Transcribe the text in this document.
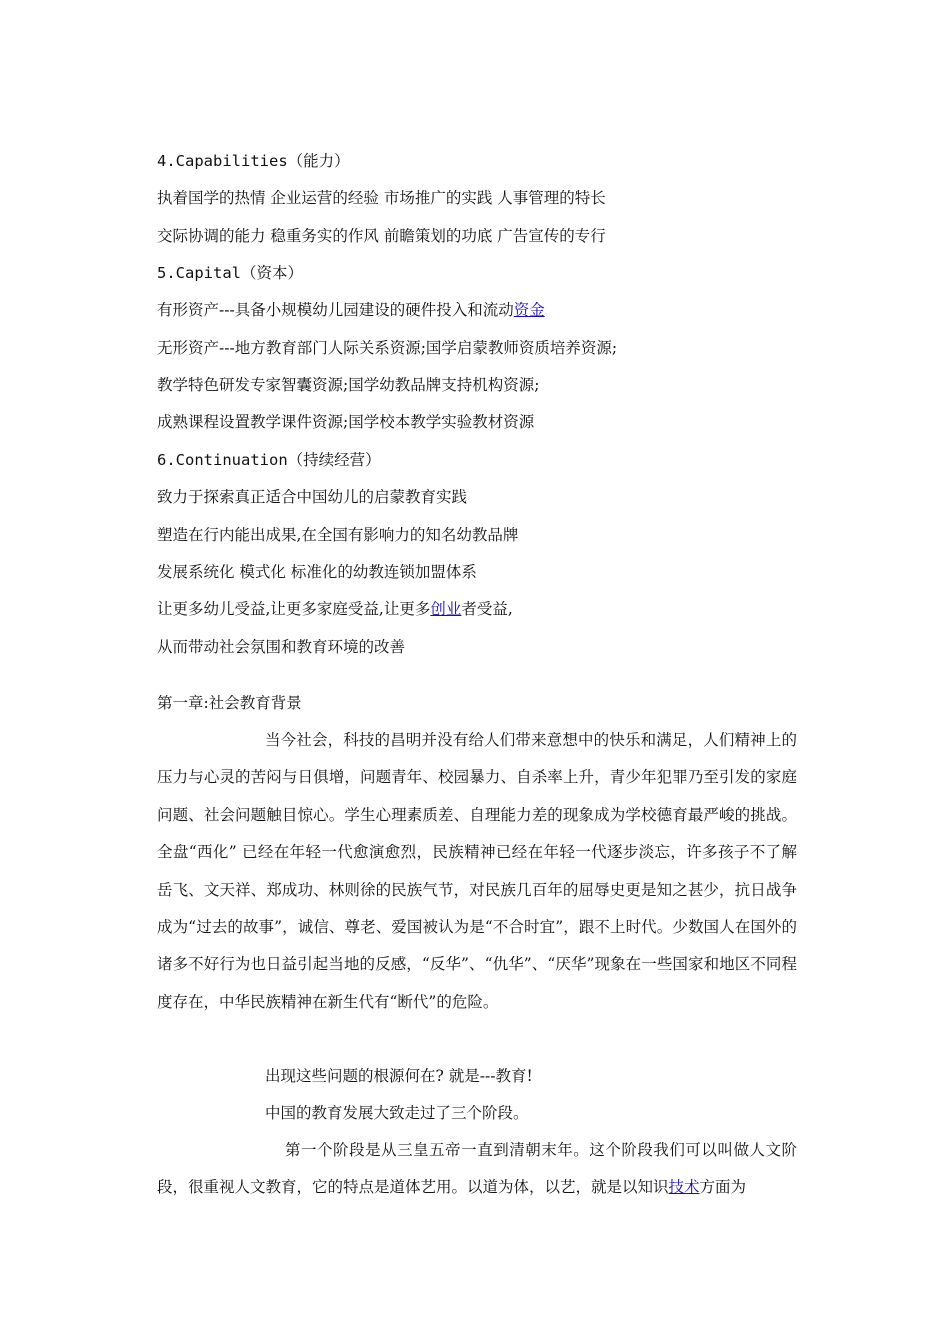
4.Capabilities（能力）
执着国学的热情 企业运营的经验 市场推广的实践 人事管理的特长
交际协调的能力 稳重务实的作风 前瞻策划的功底 广告宣传的专行
5.Capital（资本）
有形资产---具备小规模幼儿园建设的硬件投入和流动资金
无形资产---地方教育部门人际关系资源;国学启蒙教师资质培养资源;
教学特色研发专家智囊资源;国学幼教品牌支持机构资源;
成熟课程设置教学课件资源;国学校本教学实验教材资源
6.Continuation（持续经营）
致力于探索真正适合中国幼儿的启蒙教育实践
塑造在行内能出成果,在全国有影响力的知名幼教品牌
发展系统化 模式化 标准化的幼教连锁加盟体系
让更多幼儿受益,让更多家庭受益,让更多创业者受益,
从而带动社会氛围和教育环境的改善
第一章:社会教育背景

当今社会，科技的昌明并没有给人们带来意想中的快乐和满足，人们精神上的压力与心灵的苦闷与日俱增，问题青年、校园暴力、自杀率上升，青少年犯罪乃至引发的家庭问题、社会问题触目惊心。学生心理素质差、自理能力差的现象成为学校德育最严峻的挑战。全盘“西化” 已经在年轻一代愈演愈烈，民族精神已经在年轻一代逐步淡忘，许多孩子不了解岳飞、文天祥、郑成功、林则徐的民族气节，对民族几百年的屈辱史更是知之甚少，抗日战争成为“过去的故事”，诚信、尊老、爱国被认为是“不合时宜”，跟不上时代。少数国人在国外的诸多不好行为也日益引起当地的反感，“反华”、“仇华”、“厌华”现象在一些国家和地区不同程度存在，中华民族精神在新生代有“断代”的危险。

出现这些问题的根源何在? 就是---教育!
中国的教育发展大致走过了三个阶段。

第一个阶段是从三皇五帝一直到清朝末年。这个阶段我们可以叫做人文阶段，很重视人文教育，它的特点是道体艺用。以道为体，以艺，就是以知识技术方面为
